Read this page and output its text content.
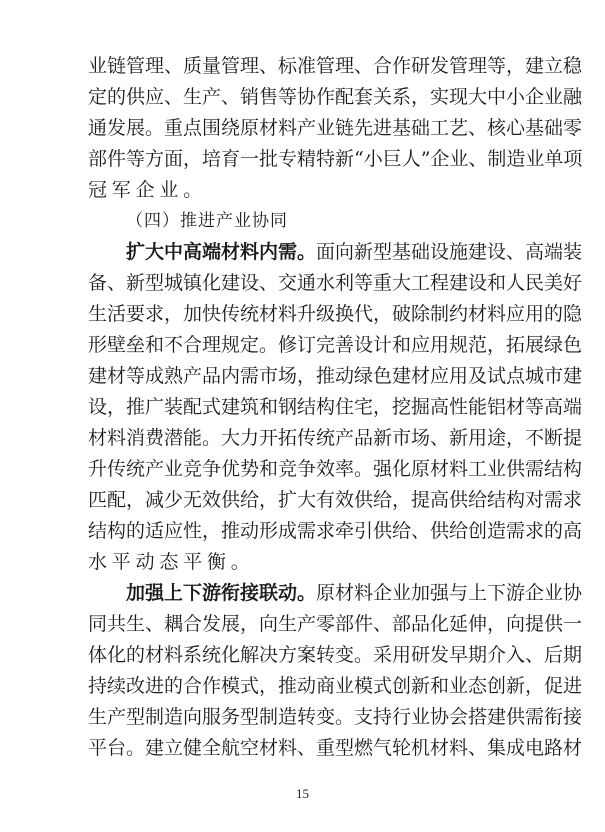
业链管理、质量管理、标准管理、合作研发管理等，建立稳
定的供应、生产、销售等协作配套关系，实现大中小企业融
通发展。重点围绕原材料产业链先进基础工艺、核心基础零
部件等方面，培育一批专精特新“小巨人”企业、制造业单项
冠军企业。
（四）推进产业协同
扩大中高端材料内需。面向新型基础设施建设、高端装
备、新型城镇化建设、交通水利等重大工程建设和人民美好
生活要求，加快传统材料升级换代，破除制约材料应用的隐
形壁垒和不合理规定。修订完善设计和应用规范，拓展绿色
建材等成熟产品内需市场，推动绿色建材应用及试点城市建
设，推广装配式建筑和钢结构住宅，挖掘高性能铝材等高端
材料消费潜能。大力开拓传统产品新市场、新用途，不断提
升传统产业竞争优势和竞争效率。强化原材料工业供需结构
匹配，减少无效供给，扩大有效供给，提高供给结构对需求
结构的适应性，推动形成需求牵引供给、供给创造需求的高
水平动态平衡。
加强上下游衔接联动。原材料企业加强与上下游企业协
同共生、耦合发展，向生产零部件、部品化延伸，向提供一
体化的材料系统化解决方案转变。采用研发早期介入、后期
持续改进的合作模式，推动商业模式创新和业态创新，促进
生产型制造向服务型制造转变。支持行业协会搭建供需衔接
平台。建立健全航空材料、重型燃气轮机材料、集成电路材
15
